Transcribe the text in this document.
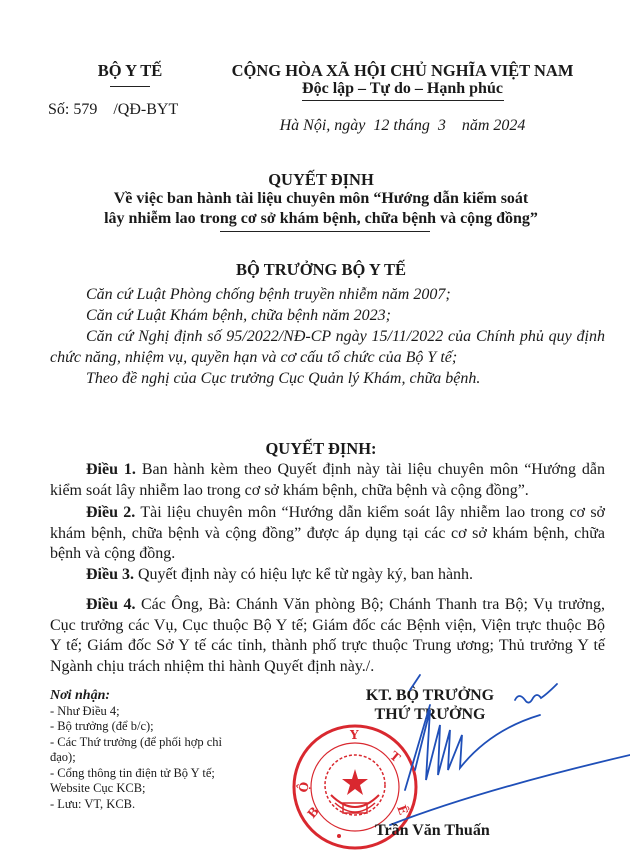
BỘ Y TẾ
Số: 579    /QĐ-BYT
CỘNG HÒA XÃ HỘI CHỦ NGHĨA VIỆT NAM
Độc lập – Tự do – Hạnh phúc
Hà Nội, ngày  12 tháng  3    năm 2024
QUYẾT ĐỊNH
Về việc ban hành tài liệu chuyên môn “Hướng dẫn kiểm soát
lây nhiễm lao trong cơ sở khám bệnh, chữa bệnh và cộng đồng”
BỘ TRƯỞNG BỘ Y TẾ
Căn cứ Luật Phòng chống bệnh truyền nhiễm năm 2007;
Căn cứ Luật Khám bệnh, chữa bệnh năm 2023;
Căn cứ Nghị định số 95/2022/NĐ-CP ngày 15/11/2022 của Chính phủ quy định chức năng, nhiệm vụ, quyền hạn và cơ cấu tổ chức của Bộ Y tế;
Theo đề nghị của Cục trưởng Cục Quản lý Khám, chữa bệnh.
QUYẾT ĐỊNH:
Điều 1. Ban hành kèm theo Quyết định này tài liệu chuyên môn “Hướng dẫn kiểm soát lây nhiễm lao trong cơ sở khám bệnh, chữa bệnh và cộng đồng”.
Điều 2. Tài liệu chuyên môn “Hướng dẫn kiểm soát lây nhiễm lao trong cơ sở khám bệnh, chữa bệnh và cộng đồng” được áp dụng tại các cơ sở khám bệnh, chữa bệnh và cộng đồng.
Điều 3. Quyết định này có hiệu lực kể từ ngày ký, ban hành.
Điều 4. Các Ông, Bà: Chánh Văn phòng Bộ; Chánh Thanh tra Bộ; Vụ trưởng, Cục trưởng các Vụ, Cục thuộc Bộ Y tế; Giám đốc các Bệnh viện, Viện trực thuộc Bộ Y tế; Giám đốc Sở Y tế các tỉnh, thành phố trực thuộc Trung ương; Thủ trưởng Y tế Ngành chịu trách nhiệm thi hành Quyết định này./.
Nơi nhận:
- Như Điều 4;
- Bộ trưởng (để b/c);
- Các Thứ trưởng (để phối hợp chỉ đạo);
- Cổng thông tin điện tử Bộ Y tế;
Website Cục KCB;
- Lưu: VT, KCB.
KT. BỘ TRƯỞNG
THỨ TRƯỞNG
Y
T
Ế
Ộ
B
Trần Văn Thuấn
